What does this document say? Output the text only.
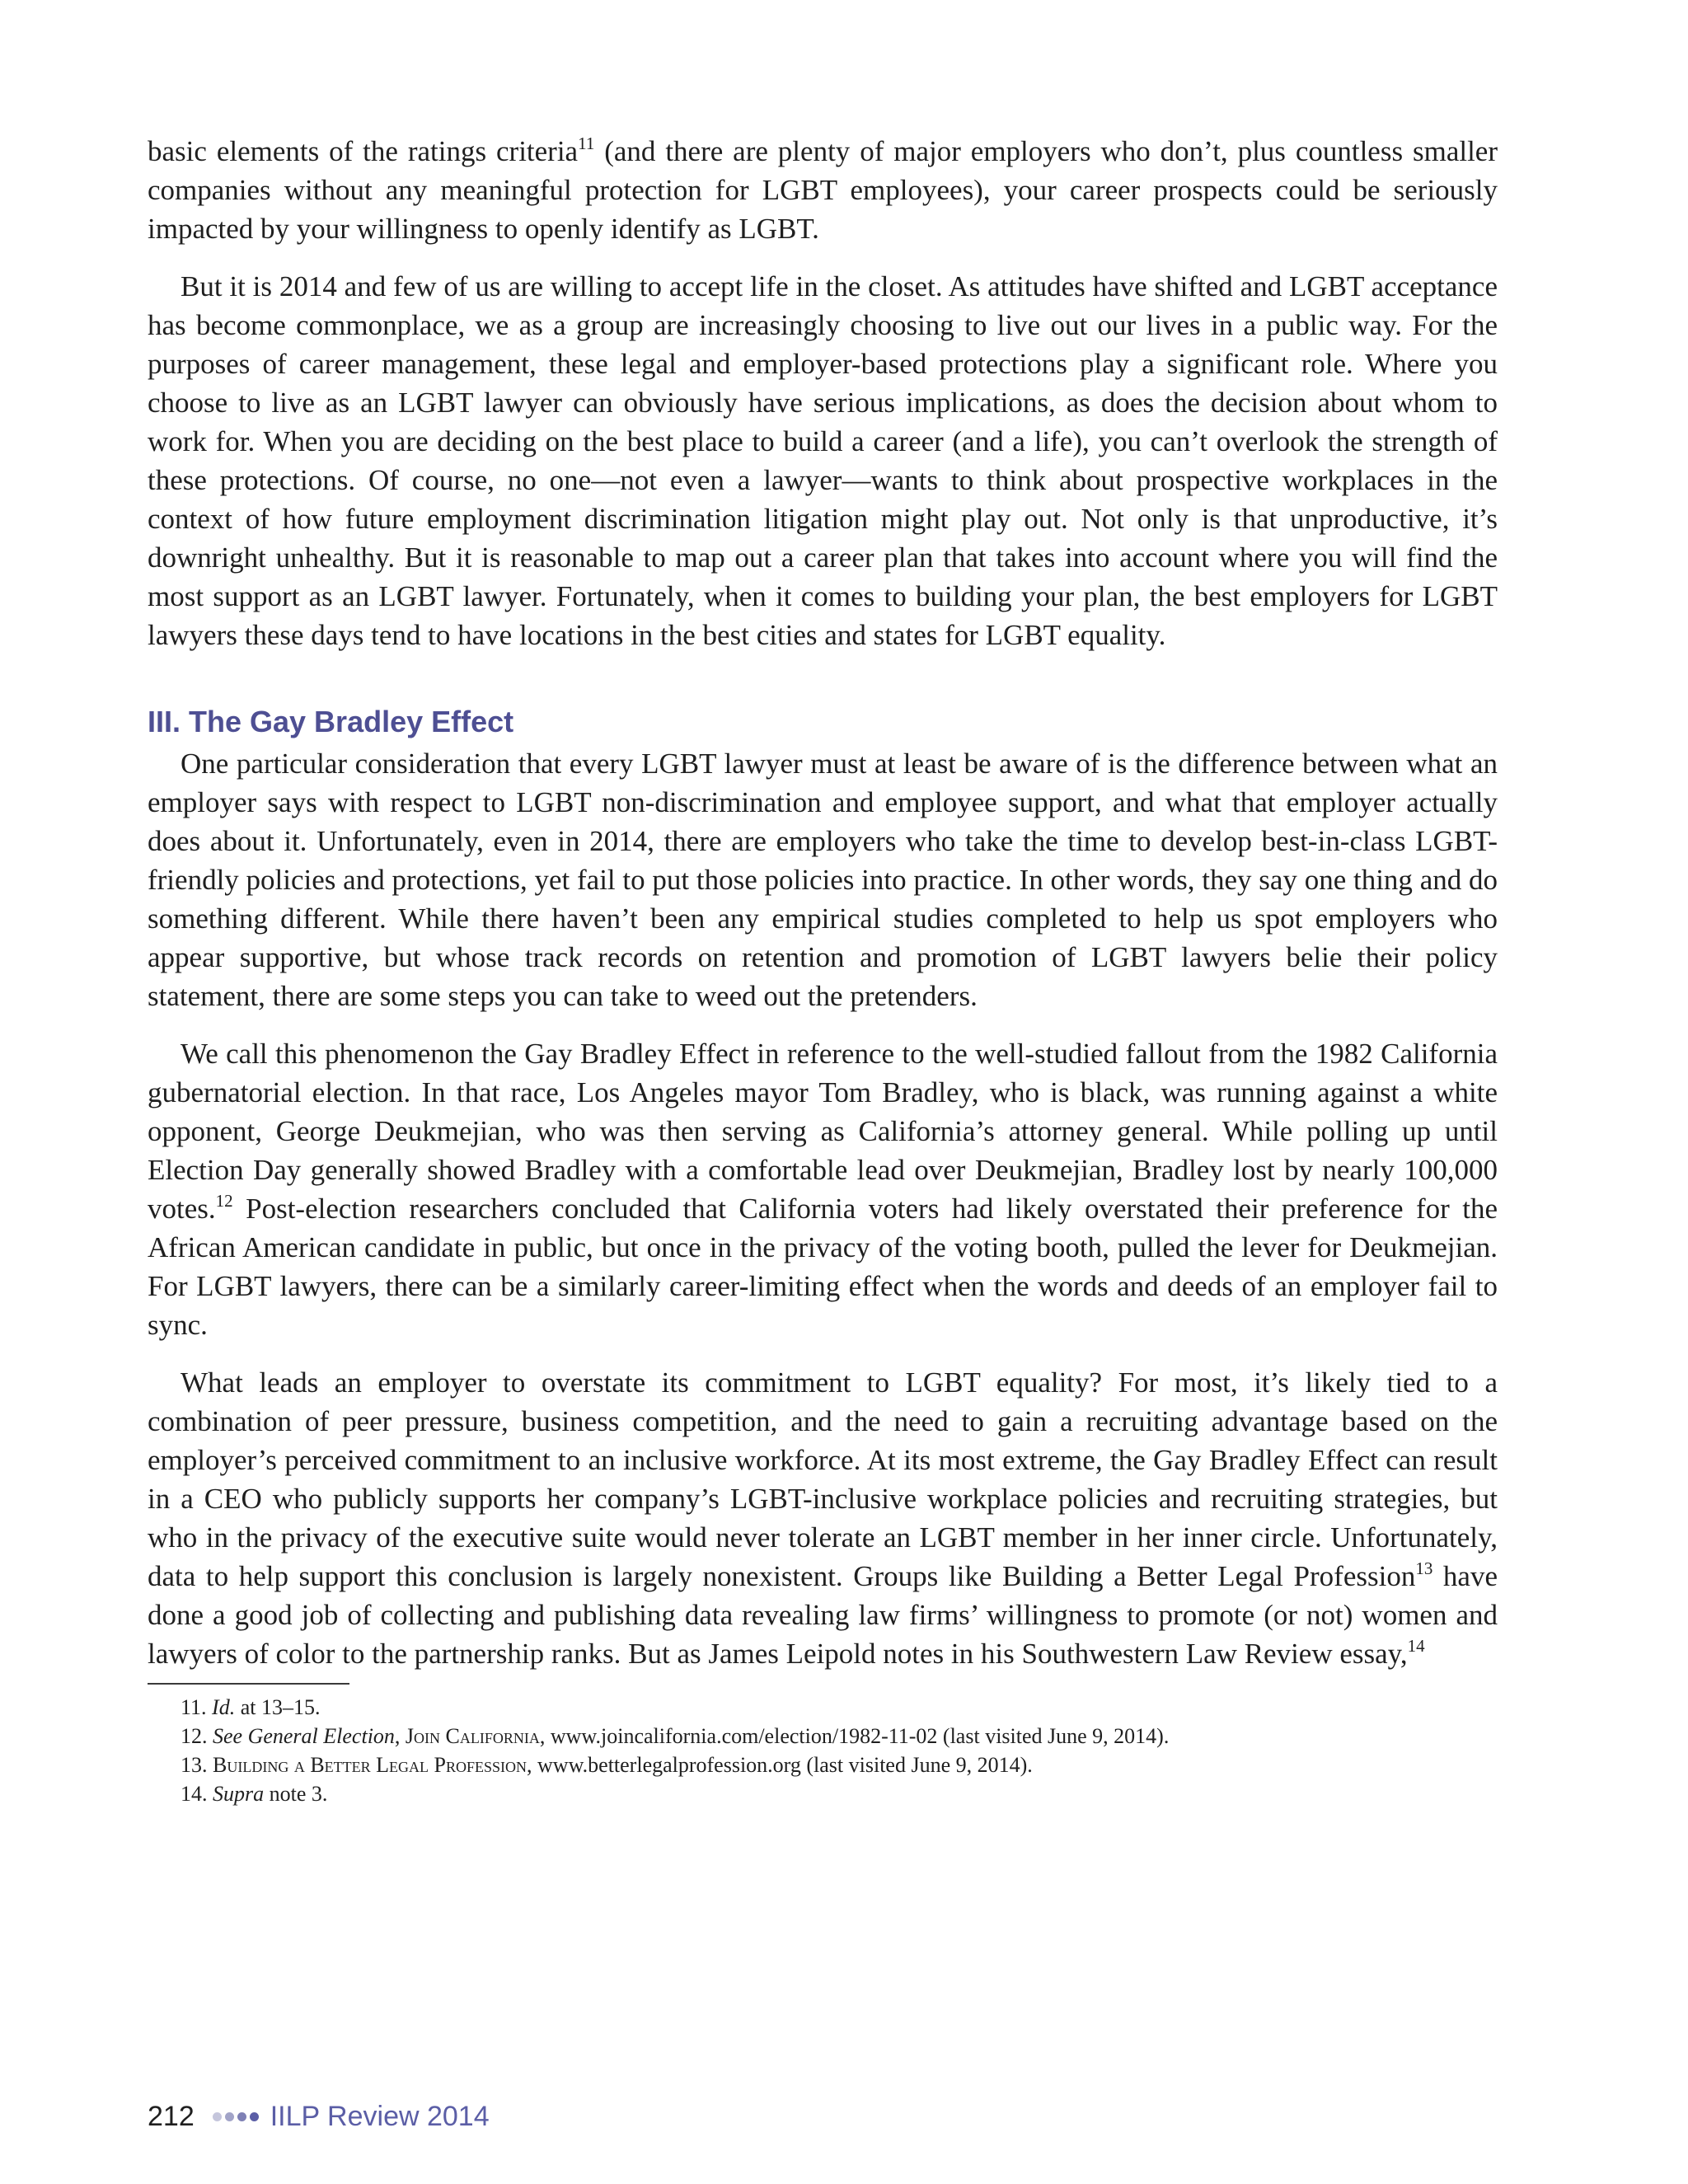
basic elements of the ratings criteria$^{11}$ (and there are plenty of major employers who don’t, plus countless smaller companies without any meaningful protection for LGBT employees), your career prospects could be seriously impacted by your willingness to openly identify as LGBT.

But it is 2014 and few of us are willing to accept life in the closet. As attitudes have shifted and LGBT acceptance has become commonplace, we as a group are increasingly choosing to live out our lives in a public way. For the purposes of career management, these legal and employer-based protections play a significant role. Where you choose to live as an LGBT lawyer can obviously have serious implications, as does the decision about whom to work for. When you are deciding on the best place to build a career (and a life), you can’t overlook the strength of these protections. Of course, no one—not even a lawyer—wants to think about prospective workplaces in the context of how future employment discrimination litigation might play out. Not only is that unproductive, it’s downright unhealthy. But it is reasonable to map out a career plan that takes into account where you will find the most support as an LGBT lawyer. Fortunately, when it comes to building your plan, the best employers for LGBT lawyers these days tend to have locations in the best cities and states for LGBT equality.

III. The Gay Bradley Effect

One particular consideration that every LGBT lawyer must at least be aware of is the difference between what an employer says with respect to LGBT non-discrimination and employee support, and what that employer actually does about it. Unfortunately, even in 2014, there are employers who take the time to develop best-in-class LGBT-friendly policies and protections, yet fail to put those policies into practice. In other words, they say one thing and do something different. While there haven’t been any empirical studies completed to help us spot employers who appear supportive, but whose track records on retention and promotion of LGBT lawyers belie their policy statement, there are some steps you can take to weed out the pretenders.

We call this phenomenon the Gay Bradley Effect in reference to the well-studied fallout from the 1982 California gubernatorial election. In that race, Los Angeles mayor Tom Bradley, who is black, was running against a white opponent, George Deukmejian, who was then serving as California’s attorney general. While polling up until Election Day generally showed Bradley with a comfortable lead over Deukmejian, Bradley lost by nearly 100,000 votes.$^{12}$ Post-election researchers concluded that California voters had likely overstated their preference for the African American candidate in public, but once in the privacy of the voting booth, pulled the lever for Deukmejian. For LGBT lawyers, there can be a similarly career-limiting effect when the words and deeds of an employer fail to sync.

What leads an employer to overstate its commitment to LGBT equality? For most, it’s likely tied to a combination of peer pressure, business competition, and the need to gain a recruiting advantage based on the employer’s perceived commitment to an inclusive workforce. At its most extreme, the Gay Bradley Effect can result in a CEO who publicly supports her company’s LGBT-inclusive workplace policies and recruiting strategies, but who in the privacy of the executive suite would never tolerate an LGBT member in her inner circle. Unfortunately, data to help support this conclusion is largely nonexistent. Groups like Building a Better Legal Profession$^{13}$ have done a good job of collecting and publishing data revealing law firms’ willingness to promote (or not) women and lawyers of color to the partnership ranks. But as James Leipold notes in his Southwestern Law Review essay,$^{14}$

11. Id. at 13–15.
12. See General Election, Join California, www.joincalifornia.com/election/1982-11-02 (last visited June 9, 2014).
13. Building a Better Legal Profession, www.betterlegalprofession.org (last visited June 9, 2014).
14. Supra note 3.
212	IILP Review 2014
